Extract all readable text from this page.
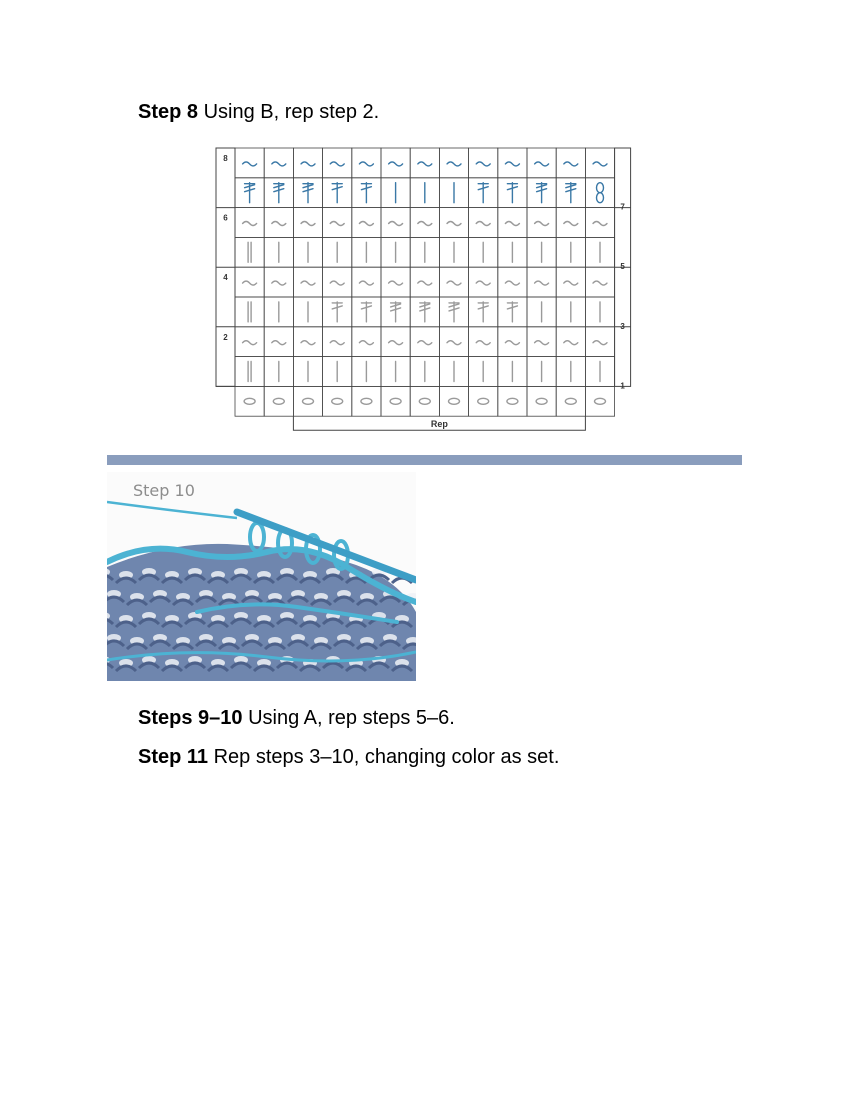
Step 8 Using B, rep step 2.
8
7
6
5
4
3
2
1
Rep
Step 10
Steps 9–10 Using A, rep steps 5–6.
Step 11 Rep steps 3–10, changing color as set.
